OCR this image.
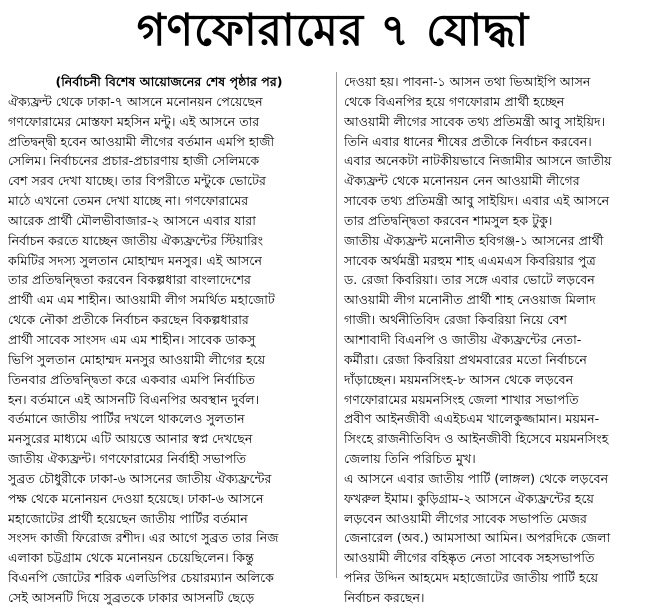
গণফোরামের ৭ যোদ্ধা
(নির্বাচনী বিশেষ আয়োজনের শেষ পৃষ্ঠার পর)
ঐক্যফ্রন্ট থেকে ঢাকা-৭ আসনে মনোনয়ন পেয়েছেন
গণফোরামের মোস্তফা মহসিন মন্টু। এই আসনে তার
প্রতিদ্বন্দ্বী হবেন আওয়ামী লীগের বর্তমান এমপি হাজী
সেলিম। নির্বাচনের প্রচার-প্রচারণায় হাজী সেলিমকে
বেশ সরব দেখা যাচ্ছে। তার বিপরীতে মন্টুকে ভোটের
মাঠে এখনো তেমন দেখা যাচ্ছে না। গণফোরামের
আরেক প্রার্থী মৌলভীবাজার-২ আসনে এবার যারা
নির্বাচন করতে যাচ্ছেন জাতীয় ঐক্যফ্রন্টের স্টিয়ারিং
কমিটির সদস্য সুলতান মোহাম্মদ মনসুর। এই আসনে
তার প্রতিদ্বন্দ্বিতা করবেন বিকল্পধারা বাংলাদেশের
প্রার্থী এম এম শাহীন। আওয়ামী লীগ সমর্থিত মহাজোট
থেকে নৌকা প্রতীকে নির্বাচন করছেন বিকল্পধারার
প্রার্থী সাবেক সাংসদ এম এম শাহীন। সাবেক ডাকসু
ভিপি সুলতান মোহাম্মদ মনসুর আওয়ামী লীগের হয়ে
তিনবার প্রতিদ্বন্দ্বিতা করে একবার এমপি নির্বাচিত
হন। বর্তমানে এই আসনটি বিএনপির অবস্থান দুর্বল।
বর্তমানে জাতীয় পার্টির দখলে থাকলেও সুলতান
মনসুরের মাধ্যমে এটি আয়ত্তে আনার স্বপ্ন দেখছেন
জাতীয় ঐক্যফ্রন্ট। গণফোরামের নির্বাহী সভাপতি
সুব্রত চৌধুরীকে ঢাকা-৬ আসনের জাতীয় ঐক্যফ্রন্টের
পক্ষ থেকে মনোনয়ন দেওয়া হয়েছে। ঢাকা-৬ আসনে
মহাজোটের প্রার্থী হয়েছেন জাতীয় পার্টির বর্তমান
সংসদ কাজী ফিরোজ রশীদ। এর আগে সুব্রত তার নিজ
এলাকা চট্টগ্রাম থেকে মনোনয়ন চেয়েছিলেন। কিন্তু
বিএনপি জোটের শরিক এলডিপির চেয়ারম্যান অলিকে
সেই আসনটি দিয়ে সুব্রতকে ঢাকার আসনটি ছেড়ে
দেওয়া হয়। পাবনা-১ আসন তথা ভিআইপি আসন
থেকে বিএনপির হয়ে গণফোরাম প্রার্থী হচ্ছেন
আওয়ামী লীগের সাবেক তথ্য প্রতিমন্ত্রী আবু সাইয়িদ।
তিনি এবার ধানের শীষের প্রতীকে নির্বাচন করবেন।
এবার অনেকটা নাটকীয়ভাবে নিজামীর আসনে জাতীয়
ঐক্যফ্রন্ট থেকে মনোনয়ন নেন আওয়ামী লীগের
সাবেক তথ্য প্রতিমন্ত্রী আবু সাইয়িদ। এবার এই আসনে
তার প্রতিদ্বন্দ্বিতা করবেন শামসুল হক টুকু।
জাতীয় ঐক্যফ্রন্ট মনোনীত হবিগঞ্জ-১ আসনের প্রার্থী
সাবেক অর্থমন্ত্রী মরহুম শাহ এএমএস কিবরিয়ার পুত্র
ড. রেজা কিবরিয়া। তার সঙ্গে এবার ভোটে লড়বেন
আওয়ামী লীগ মনোনীত প্রার্থী শাহ নেওয়াজ মিলাদ
গাজী। অর্থনীতিবিদ রেজা কিবরিয়া নিয়ে বেশ
আশাবাদী বিএনপি ও জাতীয় ঐক্যফ্রন্টের নেতা-
কর্মীরা। রেজা কিবরিয়া প্রথমবারের মতো নির্বাচনে
দাঁড়াচ্ছেন। ময়মনসিংহ-৮ আসন থেকে লড়বেন
গণফোরামের ময়মনসিংহ জেলা শাখার সভাপতি
প্রবীণ আইনজীবী এএইচএম খালেকুজ্জামান। ময়মন-
সিংহে রাজনীতিবিদ ও আইনজীবী হিসেবে ময়মনসিংহ
জেলায় তিনি পরিচিত মুখ।
এ আসনে এবার জাতীয় পার্টি (লাঙ্গল) থেকে লড়বেন
ফখরুল ইমাম। কুড়িগ্রাম-২ আসনে ঐক্যফ্রন্টের হয়ে
লড়বেন আওয়ামী লীগের সাবেক সভাপতি মেজর
জেনারেল (অব.) আমসাআ আমিন। অপরদিকে জেলা
আওয়ামী লীগের বহিষ্কৃত নেতা সাবেক সহসভাপতি
পনির উদ্দিন আহমেদ মহাজোটের জাতীয় পার্টি হয়ে
নির্বাচন করছেন।
